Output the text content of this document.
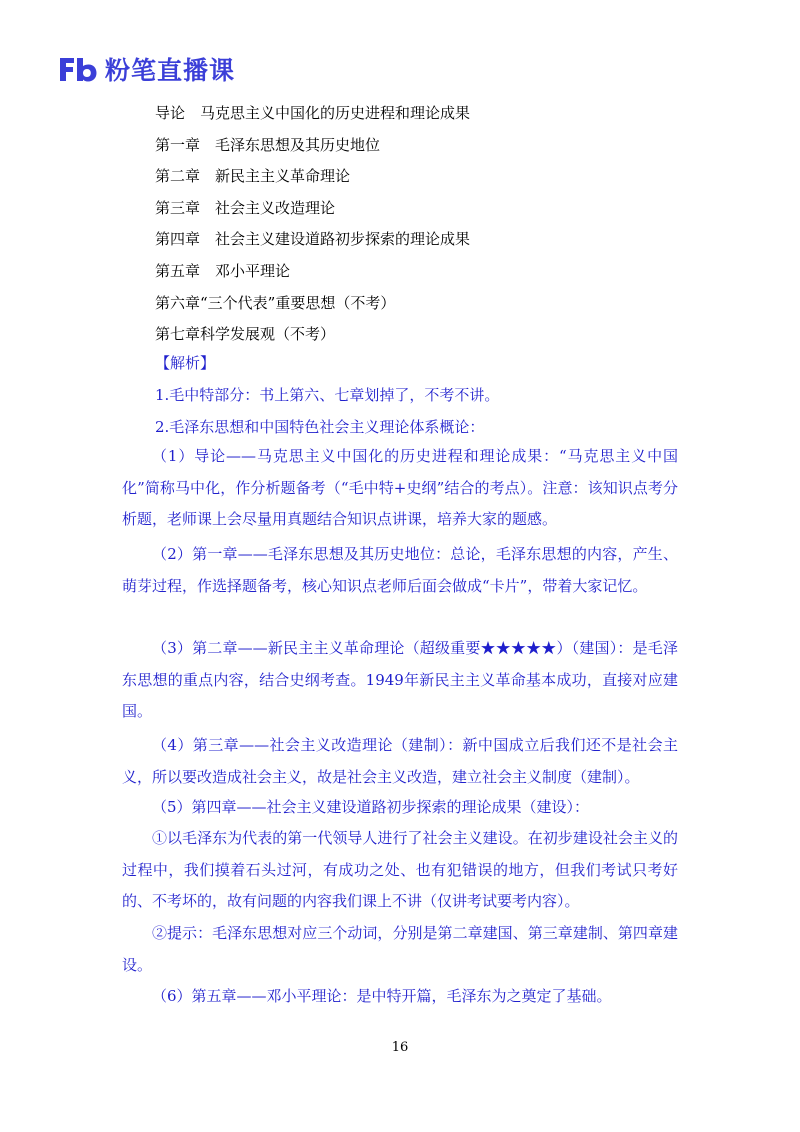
粉笔直播课
导论　马克思主义中国化的历史进程和理论成果
第一章　毛泽东思想及其历史地位
第二章　新民主主义革命理论
第三章　社会主义改造理论
第四章　社会主义建设道路初步探索的理论成果
第五章　邓小平理论
第六章“三个代表”重要思想（不考）
第七章科学发展观（不考）
【解析】
1.毛中特部分：书上第六、七章划掉了，不考不讲。
2.毛泽东思想和中国特色社会主义理论体系概论：
（1）导论——马克思主义中国化的历史进程和理论成果：“马克思主义中国化”简称马中化，作分析题备考（“毛中特+史纲”结合的考点）。注意：该知识点考分析题，老师课上会尽量用真题结合知识点讲课，培养大家的题感。
（2）第一章——毛泽东思想及其历史地位：总论，毛泽东思想的内容，产生、萌芽过程，作选择题备考，核心知识点老师后面会做成“卡片”，带着大家记忆。
（3）第二章——新民主主义革命理论（超级重要★★★★★）（建国）：是毛泽东思想的重点内容，结合史纲考查。1949年新民主主义革命基本成功，直接对应建国。
（4）第三章——社会主义改造理论（建制）：新中国成立后我们还不是社会主义，所以要改造成社会主义，故是社会主义改造，建立社会主义制度（建制）。
（5）第四章——社会主义建设道路初步探索的理论成果（建设）：
①以毛泽东为代表的第一代领导人进行了社会主义建设。在初步建设社会主义的过程中，我们摸着石头过河，有成功之处、也有犯错误的地方，但我们考试只考好的、不考坏的，故有问题的内容我们课上不讲（仅讲考试要考内容）。
②提示：毛泽东思想对应三个动词，分别是第二章建国、第三章建制、第四章建设。
（6）第五章——邓小平理论：是中特开篇，毛泽东为之奠定了基础。
16
